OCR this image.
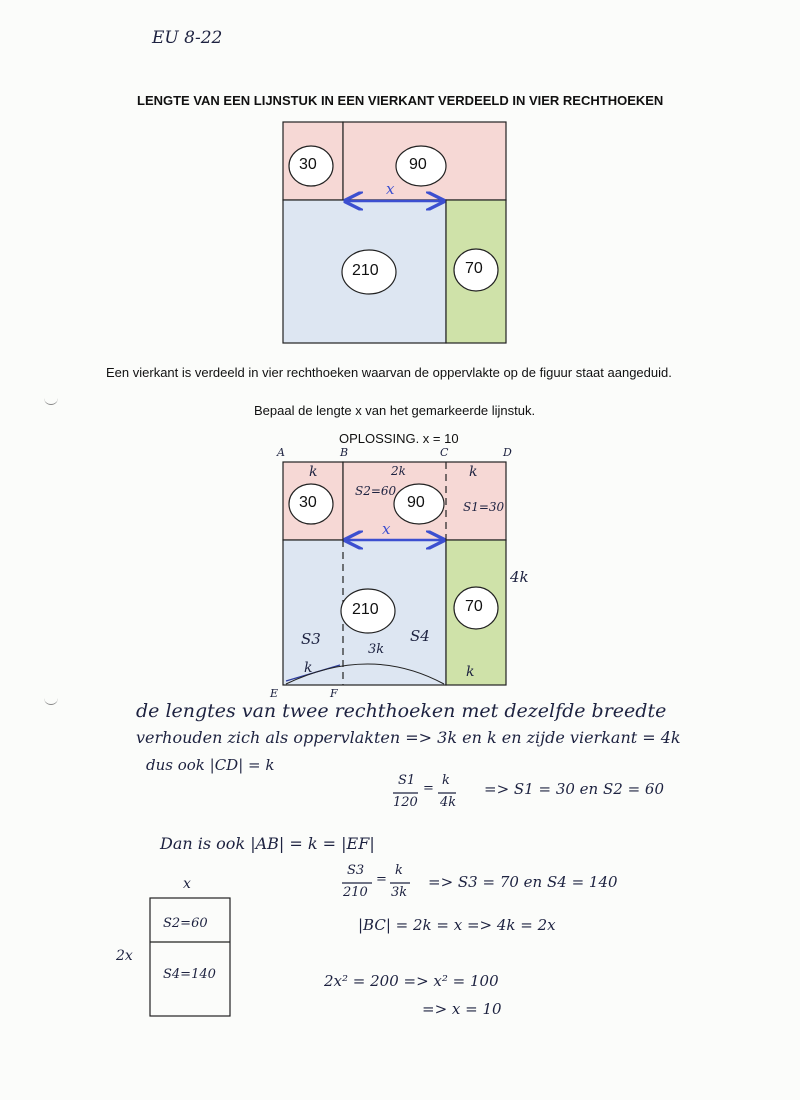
EU 8-22
LENGTE VAN EEN LIJNSTUK IN EEN VIERKANT VERDEELD IN VIER RECHTHOEKEN
30	90
210	70
x
Een vierkant is verdeeld in vier rechthoeken waarvan de oppervlakte op de figuur staat aangeduid.
Bepaal de lengte x van het gemarkeerde lijnstuk.
OPLOSSING. x = 10
A	B	C	D
E	F
k	2k	k
S2=60
S1=30
30	90
210	70
x
4k
S3	S4
3k
k	k
de lengtes van twee rechthoeken met dezelfde breedte
verhouden zich als oppervlakten => 3k en k en zijde vierkant = 4k
dus ook |CD| = k
S1
120
=
k
4k
=> S1 = 30 en S2 = 60
Dan is ook |AB| = k = |EF|
S3
210
=
k
3k
=> S3 = 70 en S4 = 140
|BC| = 2k = x => 4k = 2x
2x² = 200 => x² = 100
=> x = 10
x
2x
S2=60
S4=140
